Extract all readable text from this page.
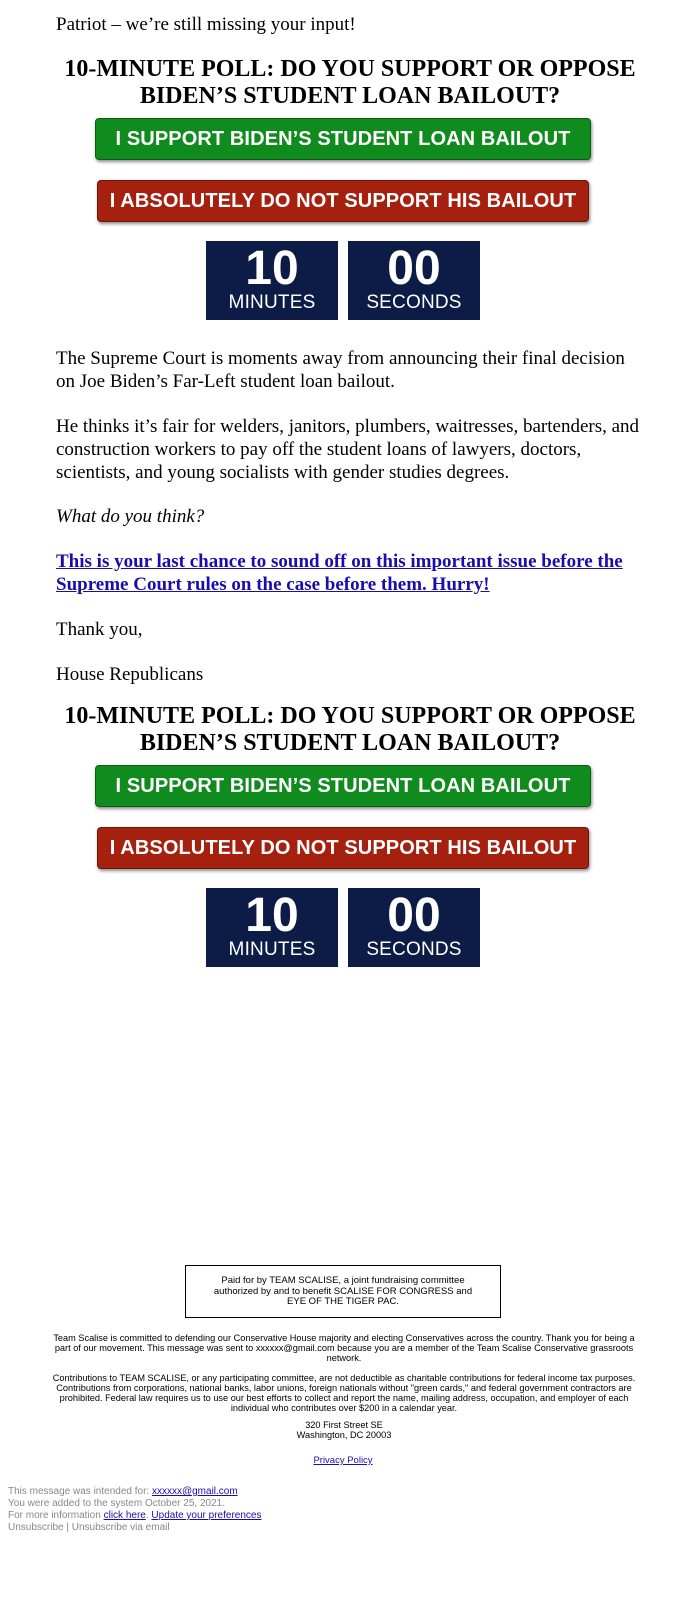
Patriot – we’re still missing your input!
10-MINUTE POLL: DO YOU SUPPORT OR OPPOSE
BIDEN’S STUDENT LOAN BAILOUT?
I SUPPORT BIDEN’S STUDENT LOAN BAILOUT
I ABSOLUTELY DO NOT SUPPORT HIS BAILOUT
10
MINUTES
00
SECONDS

The Supreme Court is moments away from announcing their final decision on Joe Biden’s Far-Left student loan bailout.

He thinks it’s fair for welders, janitors, plumbers, waitresses, bartenders, and construction workers to pay off the student loans of lawyers, doctors, scientists, and young socialists with gender studies degrees.

What do you think?

This is your last chance to sound off on this important issue before the Supreme Court rules on the case before them. Hurry!

Thank you,

House Republicans

10-MINUTE POLL: DO YOU SUPPORT OR OPPOSE
BIDEN’S STUDENT LOAN BAILOUT?
I SUPPORT BIDEN’S STUDENT LOAN BAILOUT
I ABSOLUTELY DO NOT SUPPORT HIS BAILOUT
10
MINUTES
00
SECONDS
Paid for by TEAM SCALISE, a joint fundraising committee authorized by and to benefit SCALISE FOR CONGRESS and EYE OF THE TIGER PAC.

Team Scalise is committed to defending our Conservative House majority and electing Conservatives across the country. Thank you for being a part of our movement. This message was sent to xxxxxx@gmail.com because you are a member of the Team Scalise Conservative grassroots network.

Contributions to TEAM SCALISE, or any participating committee, are not deductible as charitable contributions for federal income tax purposes. Contributions from corporations, national banks, labor unions, foreign nationals without "green cards," and federal government contractors are prohibited. Federal law requires us to use our best efforts to collect and report the name, mailing address, occupation, and employer of each individual who contributes over $200 in a calendar year.

320 First Street SE
Washington, DC 20003

Privacy Policy
This message was intended for: xxxxxx@gmail.com
You were added to the system October 25, 2021.
For more information click here. Update your preferences
Unsubscribe | Unsubscribe via email
